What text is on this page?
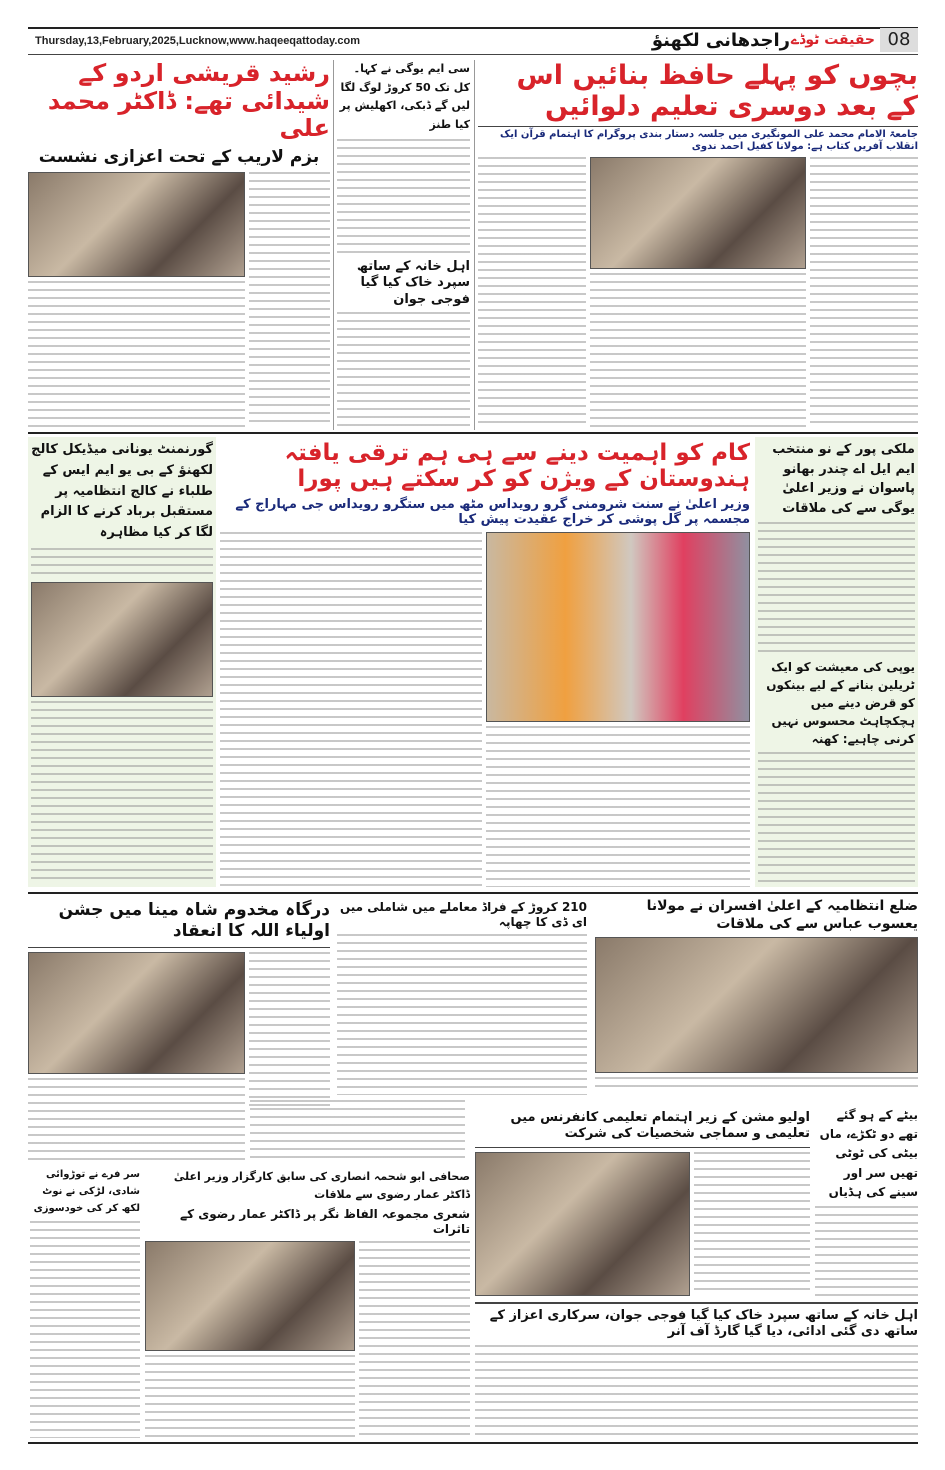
Thursday,13,February,2025,Lucknow,www.haqeeqattoday.com	راجدھانی لکھنؤ حقیقت ٹوڈے 08
بچوں کو پہلے حافظ بنائیں اس کے بعد دوسری تعلیم دلوائیں
جامعۃ الامام محمد علی المونگیری میں جلسہ دستار بندی پروگرام کا اہتمام قرآن ایک انقلاب آفریں کتاب ہے: مولانا کفیل احمد ندوی
سی ایم یوگی نے کہا۔ کل تک 50 کروڑ لوگ لگا لیں گے ڈبکی، اکھلیش پر کیا طنز
اہل خانہ کے ساتھ سپرد خاک کیا گیا فوجی جوان
رشید قریشی اردو کے شیدائی تھے: ڈاکٹر محمد علی
بزم لاریب کے تحت اعزازی نشست
ملکی پور کے نو منتخب ایم ایل اے چندر بھانو پاسوان نے وزیر اعلیٰ یوگی سے کی ملاقات
یوپی کی معیشت کو ایک ٹریلین بنانے کے لیے بینکوں کو قرض دینے میں ہچکچاہٹ محسوس نہیں کرنی چاہیے: کھنہ
کام کو اہمیت دینے سے ہی ہم ترقی یافتہ ہندوستان کے ویژن کو کر سکتے ہیں پورا
وزیر اعلیٰ نے سنت شرومنی گرو رویداس مٹھ میں ستگرو رویداس جی مہاراج کے مجسمہ پر گل پوشی کر خراج عقیدت پیش کیا
گورنمنٹ یونانی میڈیکل کالج لکھنؤ کے بی یو ایم ایس کے طلباء نے کالج انتظامیہ پر مستقبل برباد کرنے کا الزام لگا کر کیا مظاہرہ
ضلع انتظامیہ کے اعلیٰ افسران نے مولانا یعسوب عباس سے کی ملاقات
210 کروڑ کے فراڈ معاملے میں شاملی میں ای ڈی کا چھاپہ
درگاہ مخدوم شاہ مینا میں جشن اولیاء اللہ کا انعقاد
بیٹے کے ہو گئے تھے دو ٹکڑے، ماں بیٹی کی ٹوٹی تھیں سر اور سینے کی ہڈیاں
اولیو مشن کے زیر اہتمام تعلیمی کانفرنس میں تعلیمی و سماجی شخصیات کی شرکت
سر فرے نے توڑوائی شادی، لڑکی نے نوٹ لکھ کر کی خودسوزی
صحافی ابو شحمہ انصاری کی سابق کارگزار وزیر اعلیٰ ڈاکٹر عمار رضوی سے ملاقات
شعری مجموعہ الفاظ نگر پر ڈاکٹر عمار رضوی کے تاثرات
اہل خانہ کے ساتھ سپرد خاک کیا گیا فوجی جوان، سرکاری اعزاز کے ساتھ دی گئی ادائی، دیا گیا گارڈ آف آنر
